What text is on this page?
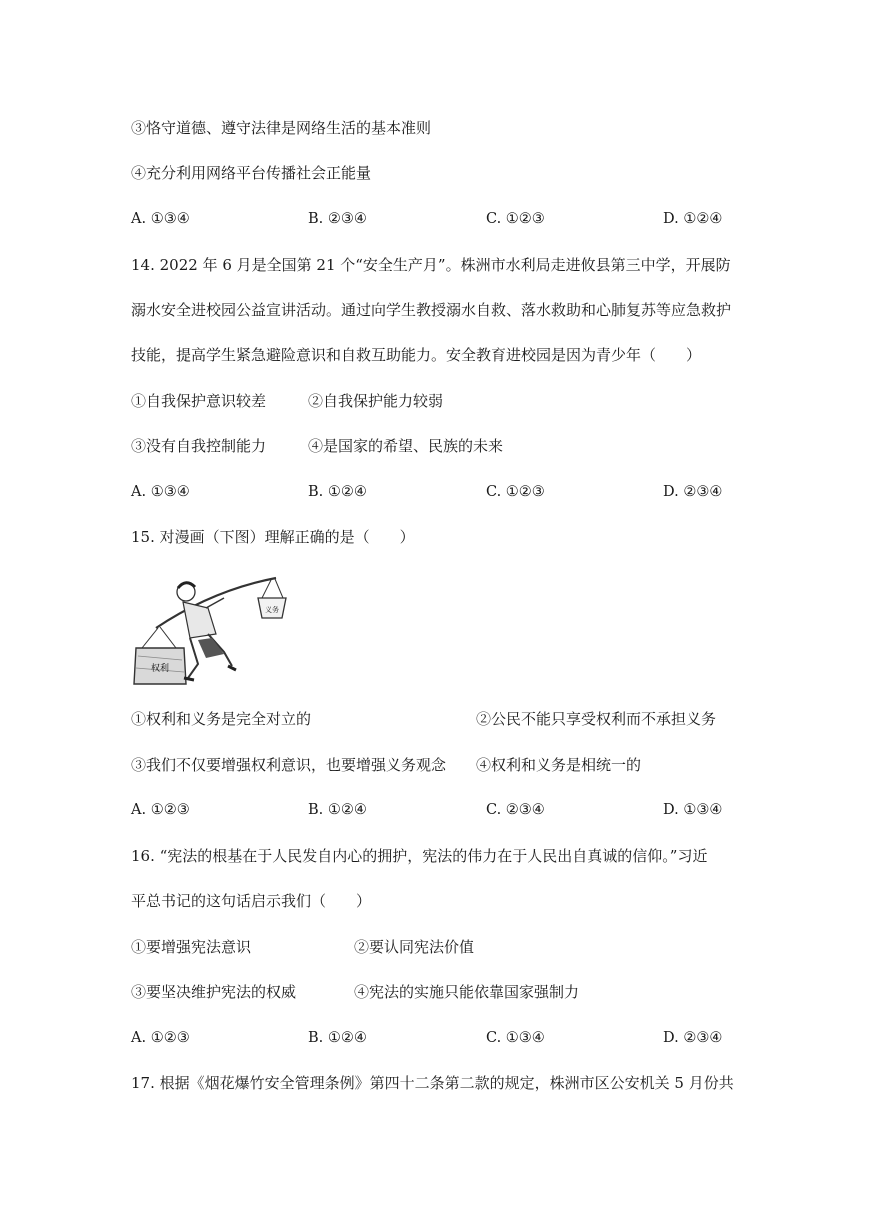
③恪守道德、遵守法律是网络生活的基本准则
④充分利用网络平台传播社会正能量
A. ①③④	B. ②③④	C. ①②③	D. ①②④
14. 2022 年 6 月是全国第 21 个“安全生产月”。株洲市水利局走进攸县第三中学，开展防
溺水安全进校园公益宣讲活动。通过向学生教授溺水自救、落水救助和心肺复苏等应急救护
技能，提高学生紧急避险意识和自救互助能力。安全教育进校园是因为青少年（　　）
①自我保护意识较差	②自我保护能力较弱
③没有自我控制能力	④是国家的希望、民族的未来
A. ①③④	B. ①②④	C. ①②③	D. ②③④
15. 对漫画（下图）理解正确的是（　　）
义务
权利
①权利和义务是完全对立的	②公民不能只享受权利而不承担义务
③我们不仅要增强权利意识，也要增强义务观念 ④权利和义务是相统一的
A. ①②③	B. ①②④	C. ②③④	D. ①③④
16. “宪法的根基在于人民发自内心的拥护，宪法的伟力在于人民出自真诚的信仰。”习近
平总书记的这句话启示我们（　　）
①要增强宪法意识	②要认同宪法价值
③要坚决维护宪法的权威	④宪法的实施只能依靠国家强制力
A. ①②③	B. ①②④	C. ①③④	D. ②③④
17. 根据《烟花爆竹安全管理条例》第四十二条第二款的规定，株洲市区公安机关 5 月份共
